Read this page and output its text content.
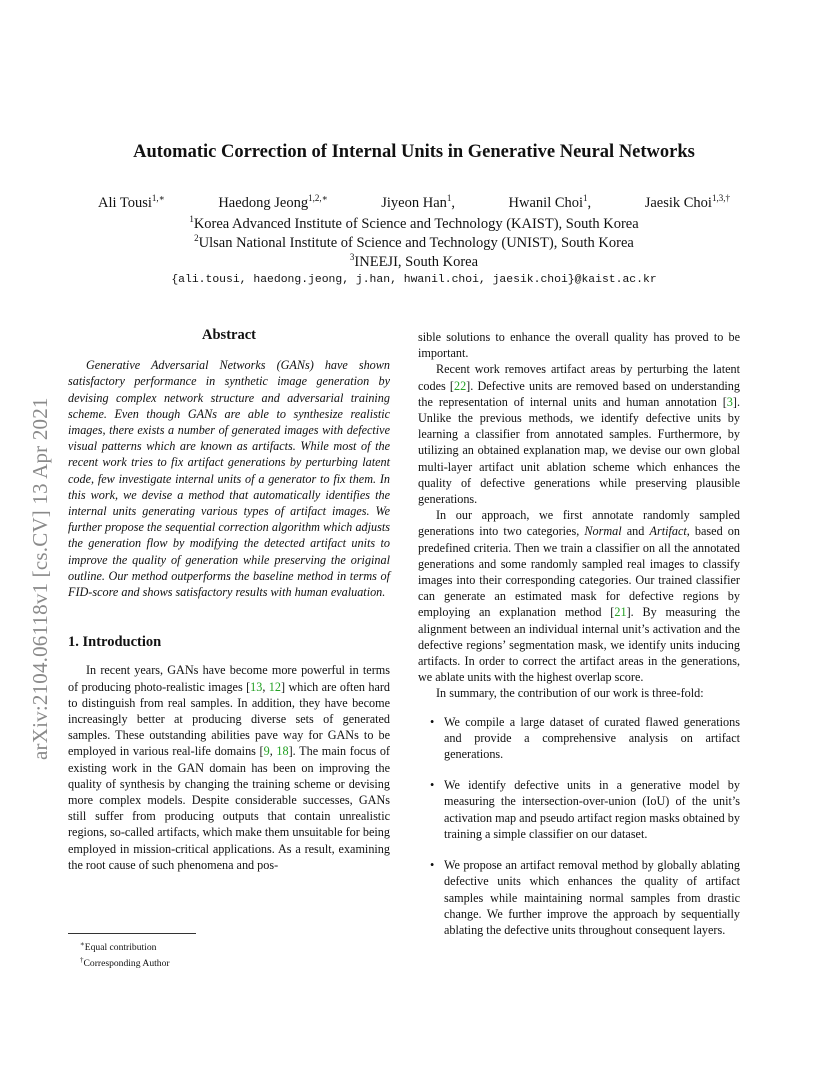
arXiv:2104.06118v1 [cs.CV] 13 Apr 2021
Automatic Correction of Internal Units in Generative Neural Networks
Ali Tousi$^{1,∗}$	Haedong Jeong$^{1,2,∗}$	Jiyeon Han$^1$,	Hwanil Choi$^1$,	Jaesik Choi$^{1,3,\dagger}$
$^1$Korea Advanced Institute of Science and Technology (KAIST), South Korea
$^2$Ulsan National Institute of Science and Technology (UNIST), South Korea
$^3$INEEJI, South Korea
{ali.tousi, haedong.jeong, j.han, hwanil.choi, jaesik.choi}@kaist.ac.kr
Abstract

Generative Adversarial Networks (GANs) have shown satisfactory performance in synthetic image generation by devising complex network structure and adversarial training scheme. Even though GANs are able to synthesize realistic images, there exists a number of generated images with defective visual patterns which are known as artifacts. While most of the recent work tries to fix artifact generations by perturbing latent code, few investigate internal units of a generator to fix them. In this work, we devise a method that automatically identifies the internal units generating various types of artifact images. We further propose the sequential correction algorithm which adjusts the generation flow by modifying the detected artifact units to improve the quality of generation while preserving the original outline. Our method outperforms the baseline method in terms of FID-score and shows satisfactory results with human evaluation.

1. Introduction

In recent years, GANs have become more powerful in terms of producing photo-realistic images [13, 12] which are often hard to distinguish from real samples. In addition, they have become increasingly better at producing diverse sets of generated samples. These outstanding abilities pave way for GANs to be employed in various real-life domains [9, 18]. The main focus of existing work in the GAN domain has been on improving the quality of synthesis by changing the training scheme or devising more complex models. Despite considerable successes, GANs still suffer from producing outputs that contain unrealistic regions, so-called artifacts, which make them unsuitable for being employed in mission-critical applications. As a result, examining the root cause of such phenomena and pos-

sible solutions to enhance the overall quality has proved to be important.

Recent work removes artifact areas by perturbing the latent codes [22]. Defective units are removed based on understanding the representation of internal units and human annotation [3]. Unlike the previous methods, we identify defective units by learning a classifier from annotated samples. Furthermore, by utilizing an obtained explanation map, we devise our own global multi-layer artifact unit ablation scheme which enhances the quality of defective generations while preserving plausible generations.

In our approach, we first annotate randomly sampled generations into two categories, Normal and Artifact, based on predefined criteria. Then we train a classifier on all the annotated generations and some randomly sampled real images to classify images into their corresponding categories. Our trained classifier can generate an estimated mask for defective regions by employing an explanation method [21]. By measuring the alignment between an individual internal unit’s activation and the defective regions’ segmentation mask, we identify units inducing artifacts. In order to correct the artifact areas in the generations, we ablate units with the highest overlap score.

In summary, the contribution of our work is three-fold:

• We compile a large dataset of curated flawed generations and provide a comprehensive analysis on artifact generations.
• We identify defective units in a generative model by measuring the intersection-over-union (IoU) of the unit’s activation map and pseudo artifact region masks obtained by training a simple classifier on our dataset.
• We propose an artifact removal method by globally ablating defective units which enhances the quality of artifact samples while maintaining normal samples from drastic change. We further improve the approach by sequentially ablating the defective units throughout consequent layers.
∗Equal contribution
†Corresponding Author
